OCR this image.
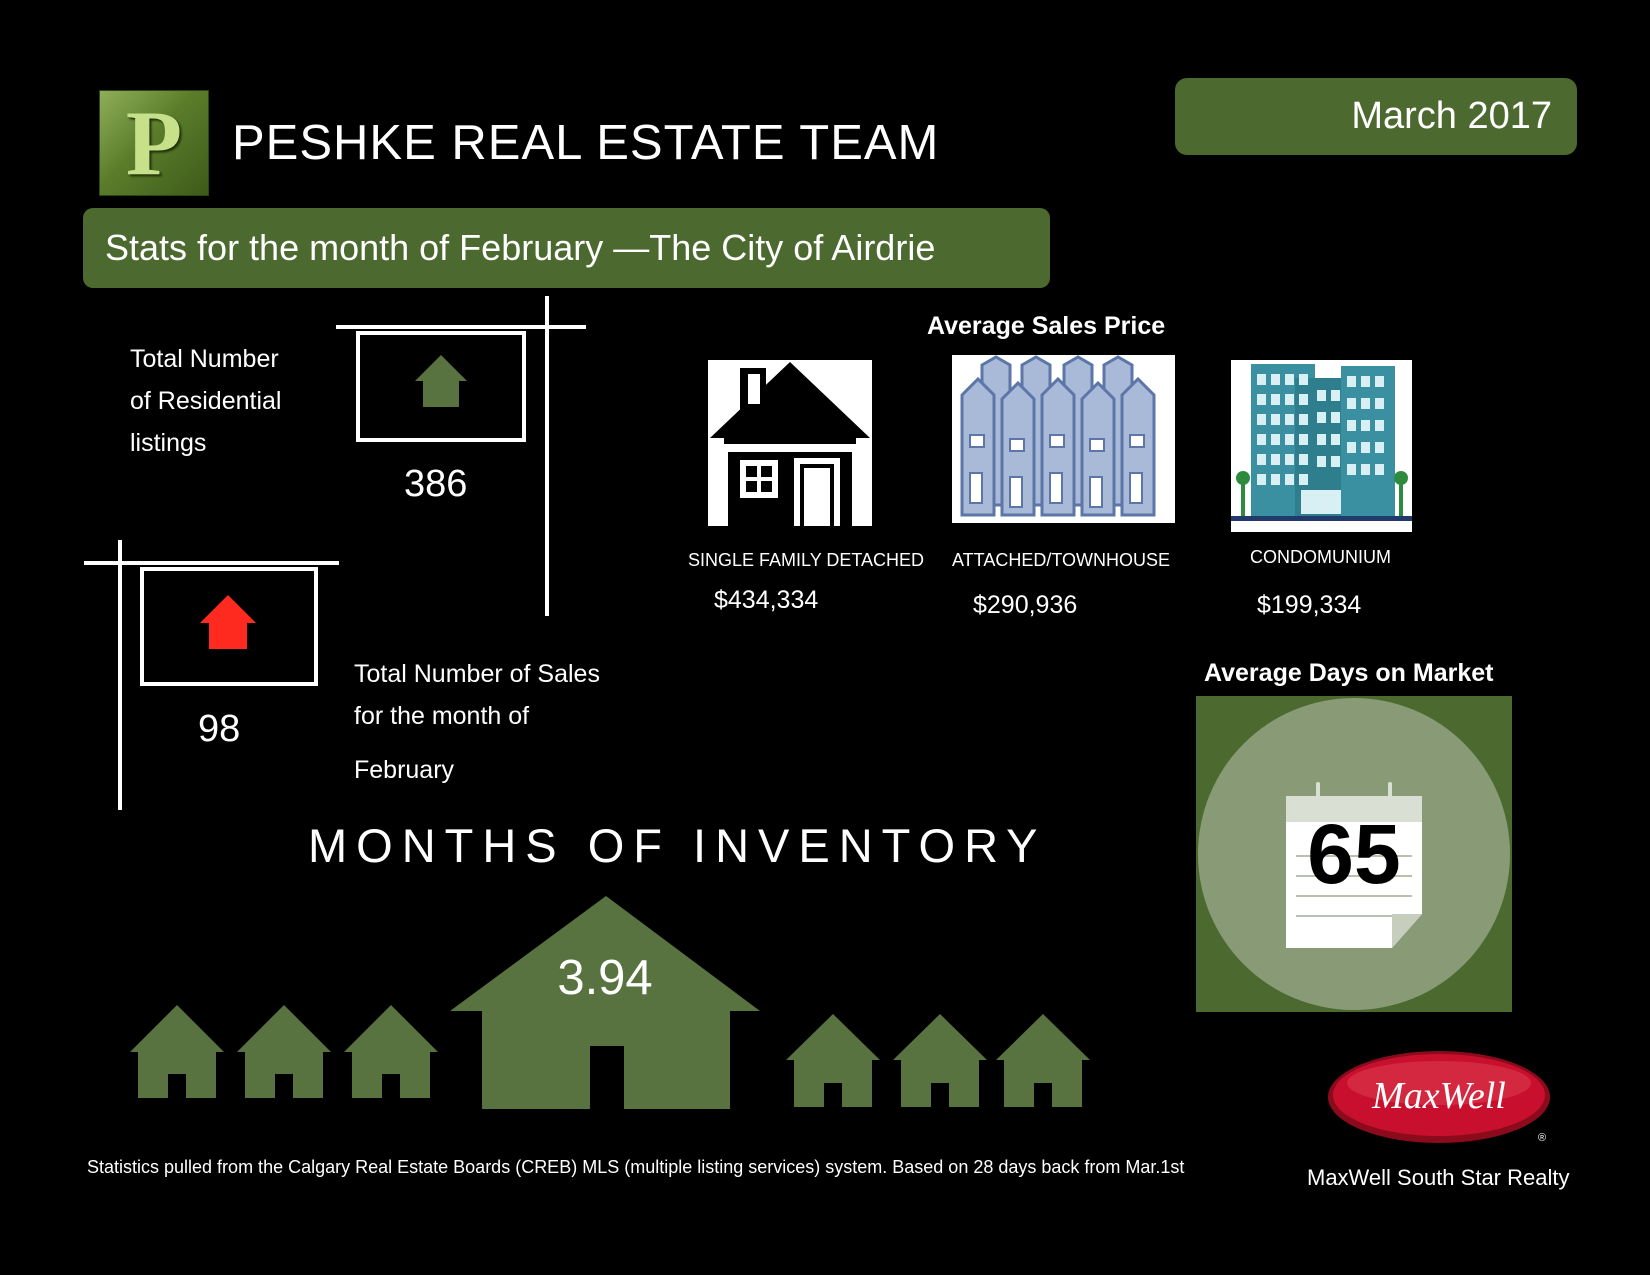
P	PESHKE REAL ESTATE TEAM	March 2017
Stats for the month of February —The City of Airdrie
Total Number
of Residential
listings
386
98
Total Number of Sales
for the month of
February
Average Sales Price
SINGLE FAMILY DETACHED
$434,334
ATTACHED/TOWNHOUSE
$290,936
CONDOMUNIUM
$199,334
Average Days on Market
65
MONTHS OF INVENTORY
3.94
Statistics pulled from the Calgary Real Estate Boards (CREB) MLS (multiple listing services) system. Based on 28 days back from Mar.1st
MaxWell
®
MaxWell South Star Realty
